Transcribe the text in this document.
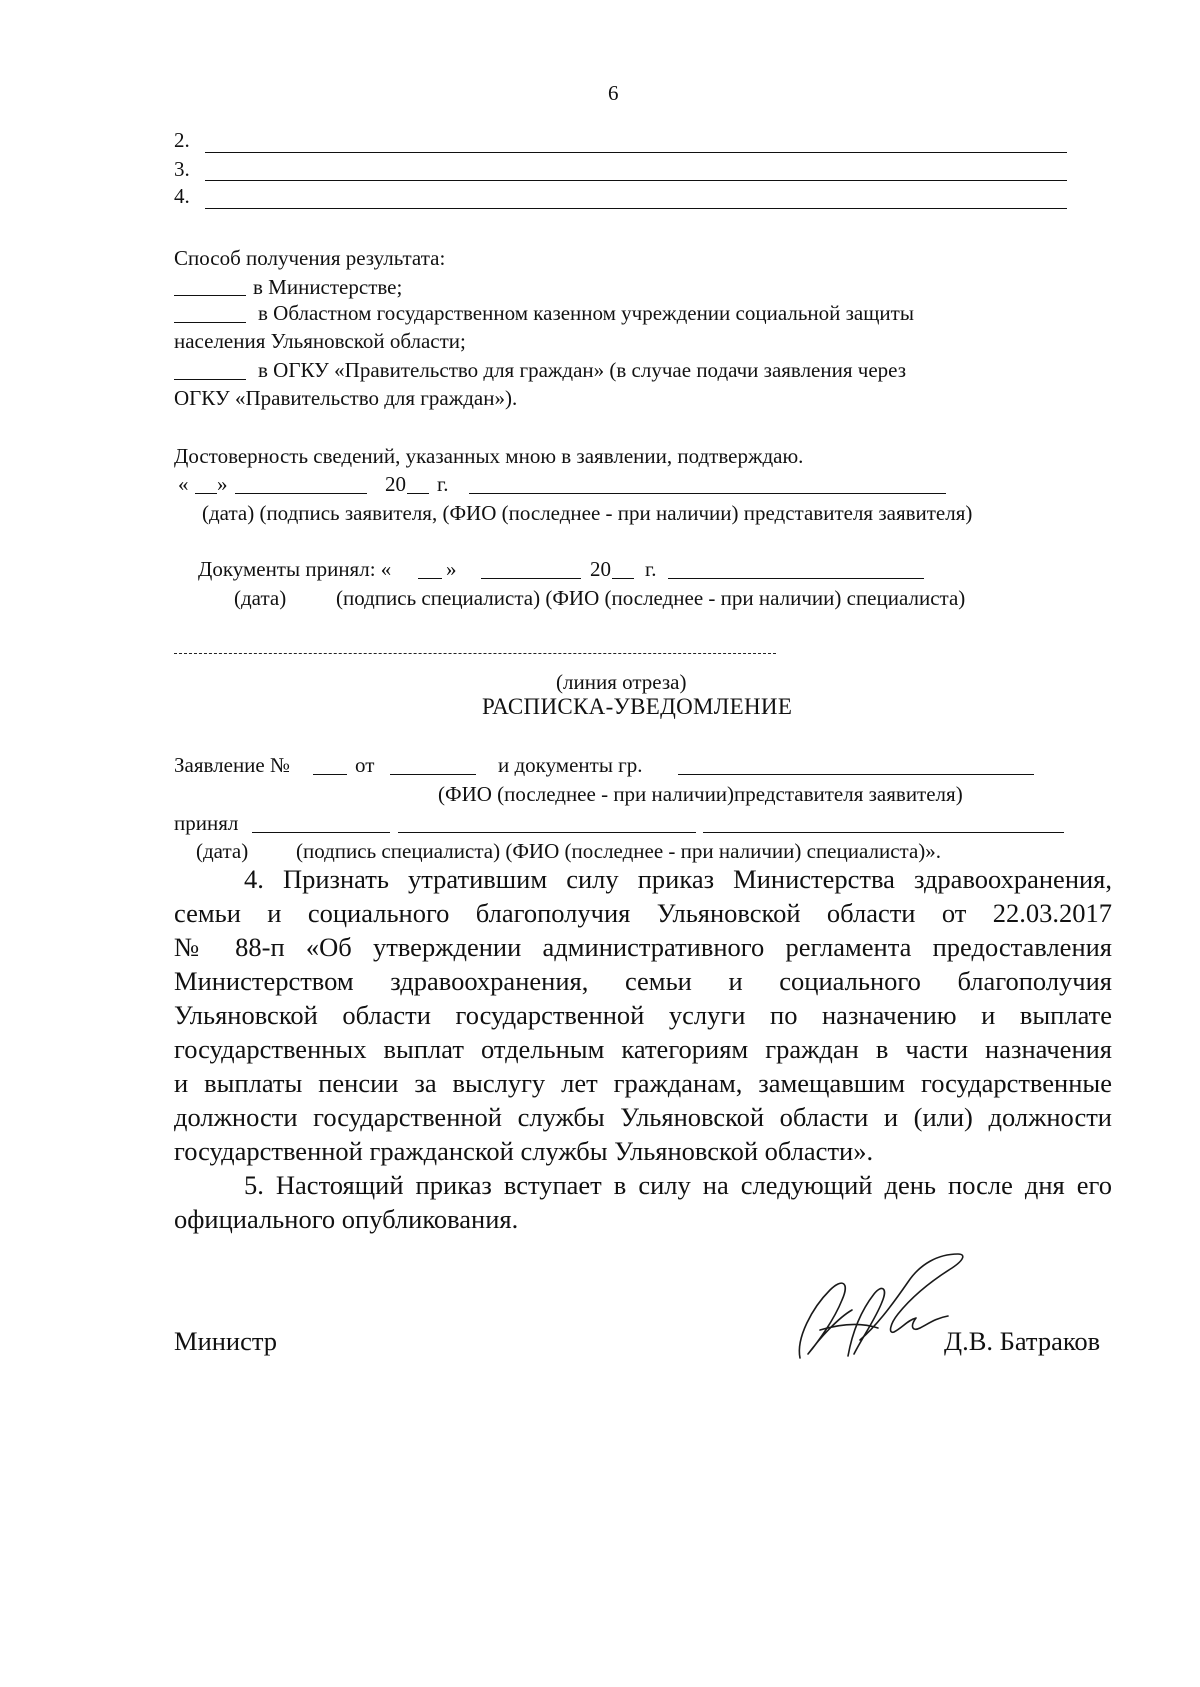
6
2.
3.
4.
Способ получения результата:
в Министерстве;
в Областном государственном казенном учреждении социальной защиты
населения Ульяновской области;
в ОГКУ «Правительство для граждан» (в случае подачи заявления через
ОГКУ «Правительство для граждан»).
Достоверность сведений, указанных мною в заявлении, подтверждаю.
« »	20 г.
(дата) (подпись заявителя, (ФИО (последнее - при наличии) представителя заявителя)
Документы принял: «	»	20 г.
(дата) (подпись специалиста) (ФИО (последнее - при наличии) специалиста)
(линия отреза)
РАСПИСКА-УВЕДОМЛЕНИЕ
Заявление №	от	и документы гр.
(ФИО (последнее - при наличии)представителя заявителя)
принял
(дата) (подпись специалиста) (ФИО (последнее - при наличии) специалиста)».
4. Признать утратившим силу приказ Министерства здравоохранения,
семьи и социального благополучия Ульяновской области от 22.03.2017
№ 88-п «Об утверждении административного регламента предоставления
Министерством здравоохранения, семьи и социального благополучия
Ульяновской области государственной услуги по назначению и выплате
государственных выплат отдельным категориям граждан в части назначения
и выплаты пенсии за выслугу лет гражданам, замещавшим государственные
должности государственной службы Ульяновской области и (или) должности
государственной гражданской службы Ульяновской области».
5. Настоящий приказ вступает в силу на следующий день после дня его
официального опубликования.
Министр	Д.В. Батраков
